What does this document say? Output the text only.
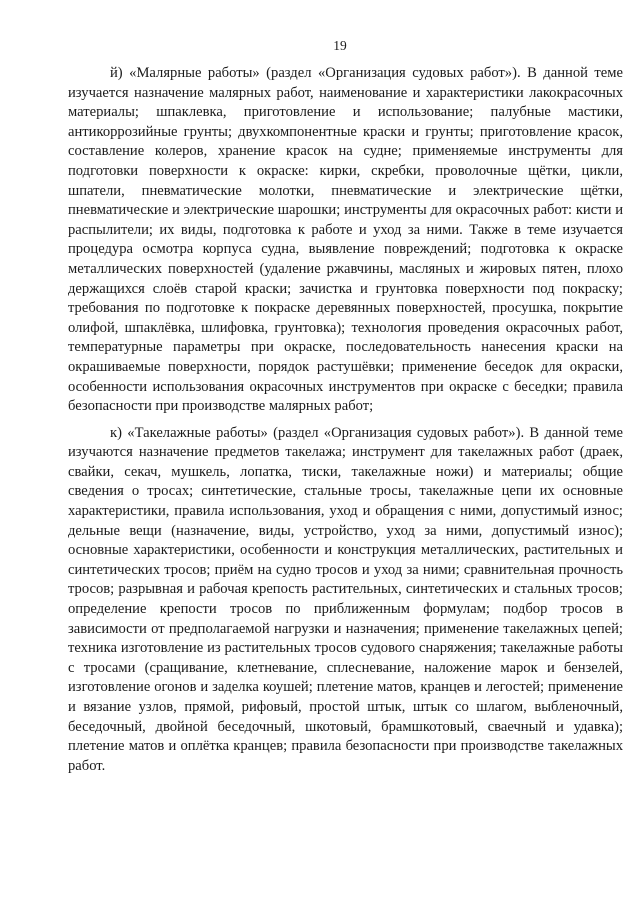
19

й) «Малярные работы» (раздел «Организация судовых работ»). В данной теме изучается назначение малярных работ, наименование и характеристики лакокрасочных материалы; шпаклевка, приготовление и использование; палубные мастики, антикоррозийные грунты; двухкомпонентные краски и грунты; приготовление красок, составление колеров, хранение красок на судне; применяемые инструменты для подготовки поверхности к окраске: кирки, скребки, проволочные щётки, цикли, шпатели, пневматические молотки, пневматические и электрические щётки, пневматические и электрические шарошки; инструменты для окрасочных работ: кисти и распылители; их виды, подготовка к работе и уход за ними. Также в теме изучается процедура осмотра корпуса судна, выявление повреждений; подготовка к окраске металлических поверхностей (удаление ржавчины, масляных и жировых пятен, плохо держащихся слоёв старой краски; зачистка и грунтовка поверхности под покраску; требования по подготовке к покраске деревянных поверхностей, просушка, покрытие олифой, шпаклёвка, шлифовка, грунтовка); технология проведения окрасочных работ, температурные параметры при окраске, последовательность нанесения краски на окрашиваемые поверхности, порядок растушёвки; применение беседок для окраски, особенности использования окрасочных инструментов при окраске с беседки; правила безопасности при производстве малярных работ;

к) «Такелажные работы» (раздел «Организация судовых работ»). В данной теме изучаются назначение предметов такелажа; инструмент для такелажных работ (драек, свайки, секач, мушкель, лопатка, тиски, такелажные ножи) и материалы; общие сведения о тросах; синтетические, стальные тросы, такелажные цепи их основные характеристики, правила использования, уход и обращения с ними, допустимый износ; дельные вещи (назначение, виды, устройство, уход за ними, допустимый износ); основные характеристики, особенности и конструкция металлических, растительных и синтетических тросов; приём на судно тросов и уход за ними; сравнительная прочность тросов; разрывная и рабочая крепость растительных, синтетических и стальных тросов; определение крепости тросов по приближенным формулам; подбор тросов в зависимости от предполагаемой нагрузки и назначения; применение такелажных цепей; техника изготовление из растительных тросов судового снаряжения; такелажные работы с тросами (сращивание, клетневание, сплесневание, наложение марок и бензелей, изготовление огонов и заделка коушей; плетение матов, кранцев и легостей; применение и вязание узлов, прямой, рифовый, простой штык, штык со шлагом, выбленочный, беседочный, двойной беседочный, шкотовый, брамшкотовый, сваечный и удавка); плетение матов и оплётка кранцев; правила безопасности при производстве такелажных работ.
